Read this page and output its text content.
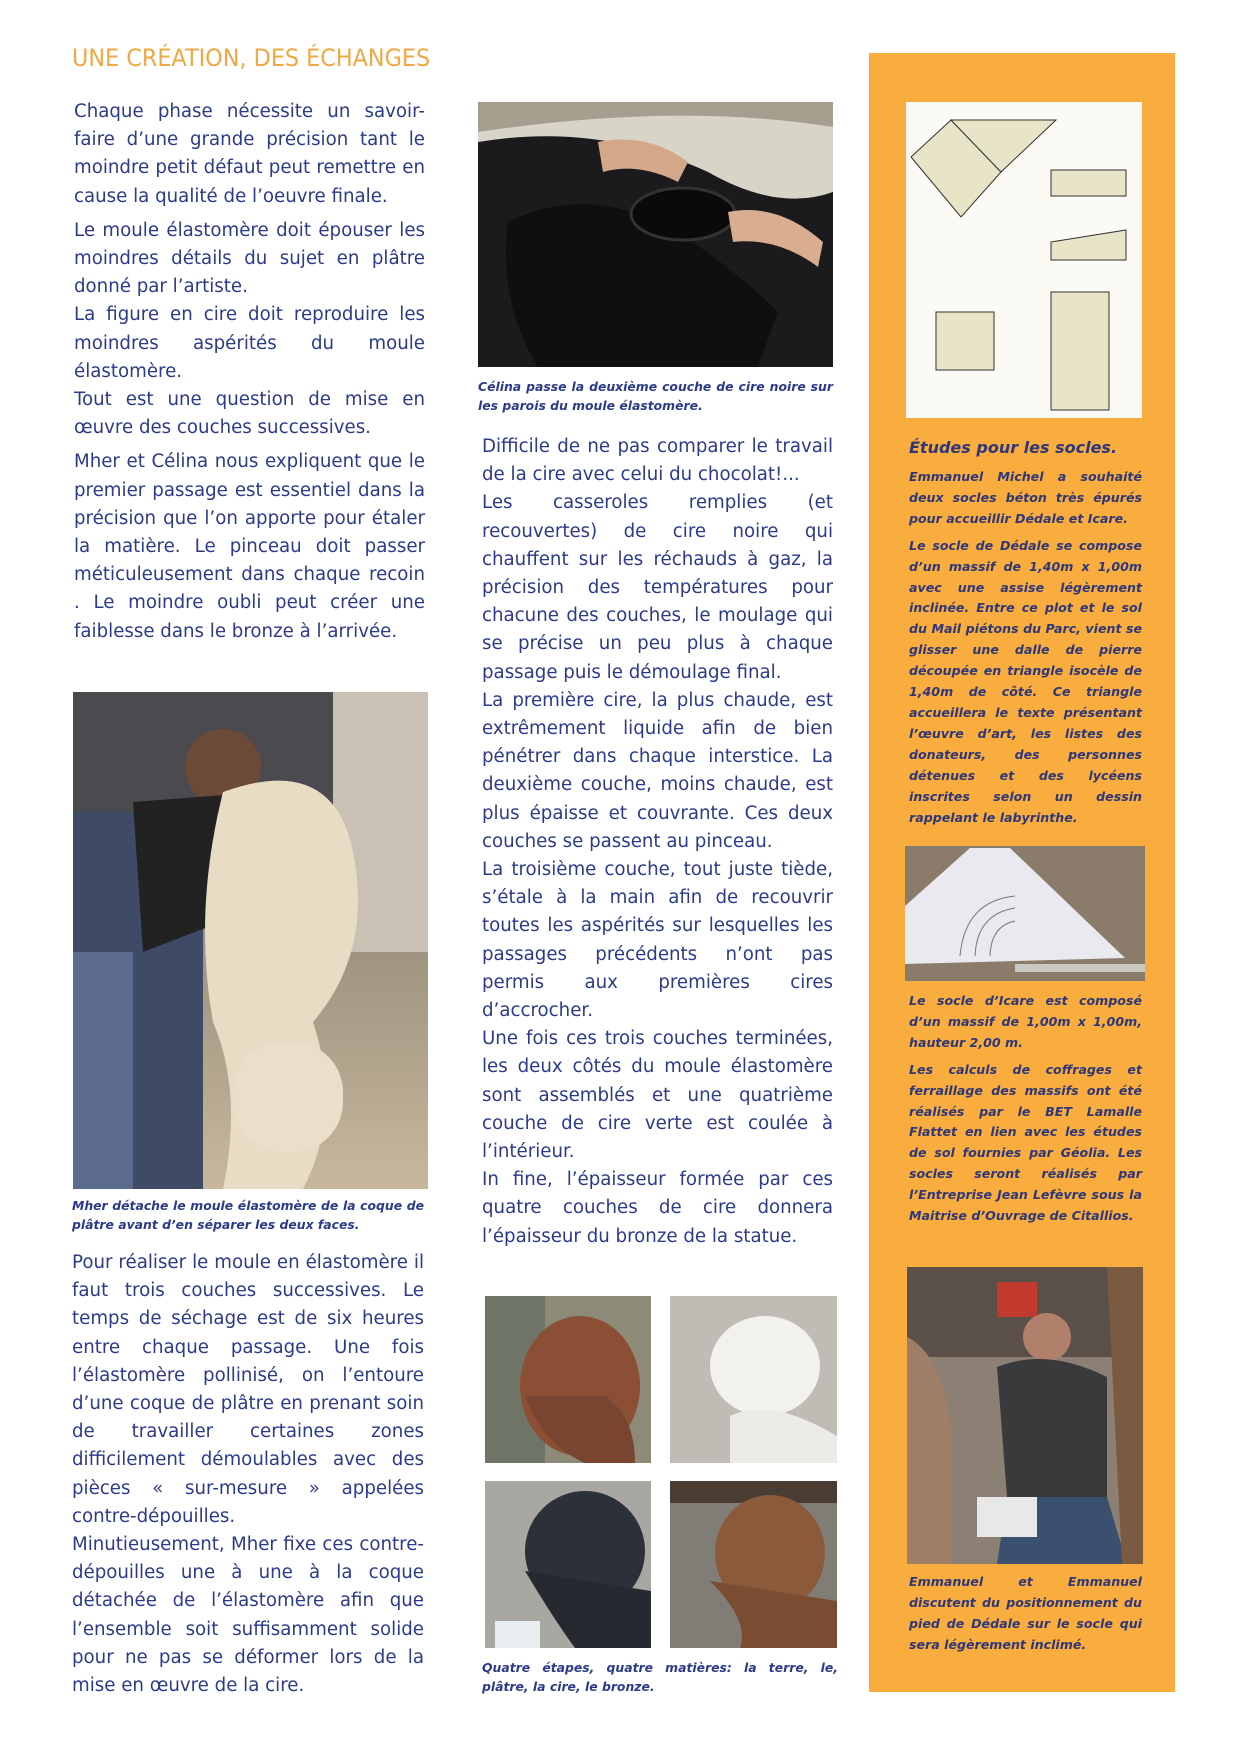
UNE CRÉATION, DES ÉCHANGES

Chaque phase nécessite un savoir-faire d’une grande précision tant le moindre petit défaut peut remettre en cause la qualité de l’oeuvre finale.

Le moule élastomère doit épouser les moindres détails du sujet en plâtre donné par l’artiste.

La figure en cire doit reproduire les moindres aspérités du moule élastomère.

Tout est une question de mise en œuvre des couches successives.

Mher et Célina nous expliquent que le premier passage est essentiel dans la précision que l’on apporte pour étaler la matière. Le pinceau doit passer méticuleusement dans chaque recoin . Le moindre oubli peut créer une faiblesse dans le bronze à l’arrivée.

Mher détache le moule élastomère de la coque de plâtre avant d’en séparer les deux faces.

Pour réaliser le moule en élastomère il faut trois couches successives. Le temps de séchage est de six heures entre chaque passage. Une fois l’élastomère pollinisé, on l’entoure d’une coque de plâtre en prenant soin de travailler certaines zones difficilement démoulables avec des pièces « sur-mesure » appelées contre-dépouilles.

Minutieusement, Mher fixe ces contre-dépouilles une à une à la coque détachée de l’élastomère afin que l’ensemble soit suffisamment solide pour ne pas se déformer lors de la mise en œuvre de la cire.

Célina passe la deuxième couche de cire noire sur les parois du moule élastomère.

Difficile de ne pas comparer le travail de la cire avec celui du chocolat!...

Les casseroles remplies (et recouvertes) de cire noire qui chauffent sur les réchauds à gaz, la précision des températures pour chacune des couches, le moulage qui se précise un peu plus à chaque passage puis le démoulage final.

La première cire, la plus chaude, est extrêmement liquide afin de bien pénétrer dans chaque interstice. La deuxième couche, moins chaude, est plus épaisse et couvrante. Ces deux couches se passent au pinceau.

La troisième couche, tout juste tiède, s’étale à la main afin de recouvrir toutes les aspérités sur lesquelles les passages précédents n’ont pas permis aux premières cires d’accrocher.

Une fois ces trois couches terminées, les deux côtés du moule élastomère sont assemblés et une quatrième couche de cire verte est coulée à l’intérieur.

In fine, l’épaisseur formée par ces quatre couches de cire donnera l’épaisseur du bronze de la statue.

Quatre étapes, quatre matières: la terre, le, plâtre, la cire, le bronze.
Études pour les socles.

Emmanuel Michel a souhaité deux socles béton très épurés pour accueillir Dédale et Icare.

Le socle de Dédale se compose d’un massif de 1,40m x 1,00m avec une assise légèrement inclinée. Entre ce plot et le sol du Mail piétons du Parc, vient se glisser une dalle de pierre découpée en triangle isocèle de 1,40m de côté. Ce triangle accueillera le texte présentant l’œuvre d’art, les listes des donateurs, des personnes détenues et des lycéens inscrites selon un dessin rappelant le labyrinthe.

Le socle d’Icare est composé d’un massif de 1,00m x 1,00m, hauteur 2,00 m.

Les calculs de coffrages et ferraillage des massifs ont été réalisés par le BET Lamalle Flattet en lien avec les études de sol fournies par Géolia. Les socles seront réalisés par l’Entreprise Jean Lefèvre sous la Maitrise d’Ouvrage de Citallios.

Emmanuel et Emmanuel discutent du positionnement du pied de Dédale sur le socle qui sera légèrement inclimé.
